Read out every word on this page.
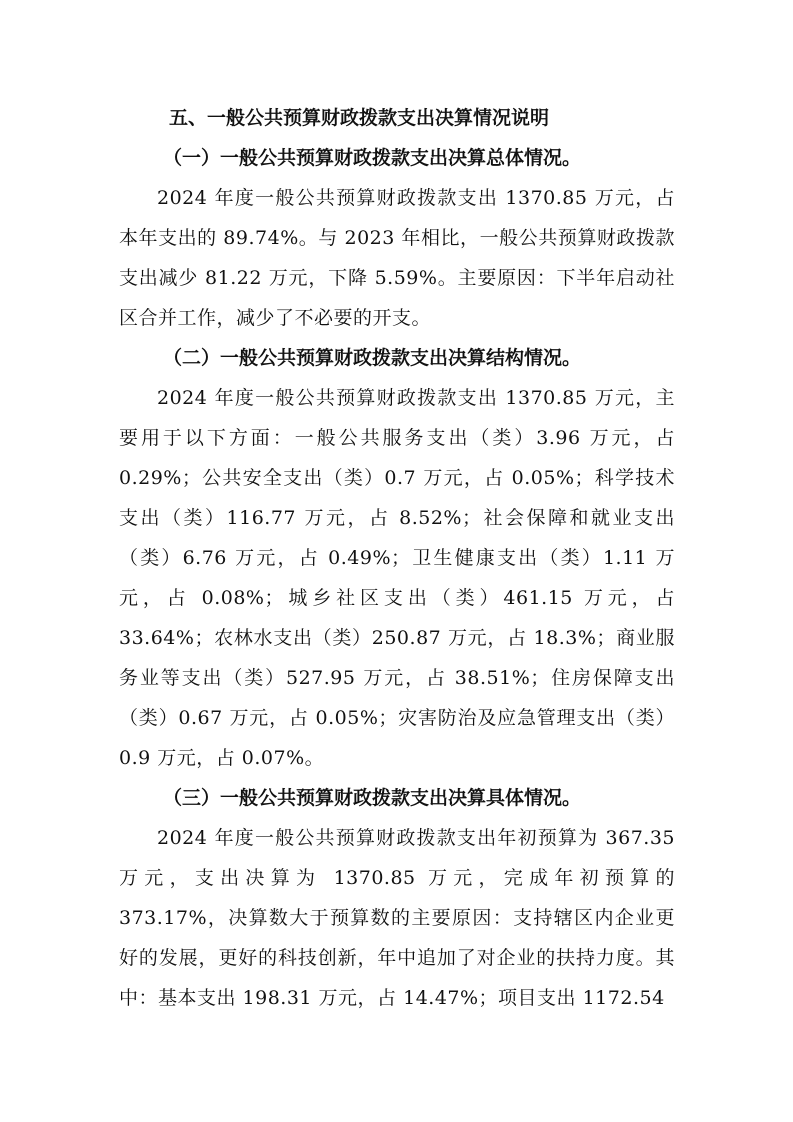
五、一般公共预算财政拨款支出决算情况说明
（一）一般公共预算财政拨款支出决算总体情况。

2024 年度一般公共预算财政拨款支出 1370.85 万元，占本年支出的 89.74%。与 2023 年相比，一般公共预算财政拨款支出减少 81.22 万元，下降 5.59%。主要原因：下半年启动社区合并工作，减少了不必要的开支。

（二）一般公共预算财政拨款支出决算结构情况。

2024 年度一般公共预算财政拨款支出 1370.85 万元，主要用于以下方面：一般公共服务支出（类）3.96 万元，占 0.29%；公共安全支出（类）0.7 万元，占 0.05%；科学技术支出（类）116.77 万元，占 8.52%；社会保障和就业支出（类）6.76 万元，占 0.49%；卫生健康支出（类）1.11 万元，占 0.08%；城乡社区支出（类）461.15 万元，占 33.64%；农林水支出（类）250.87 万元，占 18.3%；商业服务业等支出（类）527.95 万元，占 38.51%；住房保障支出（类）0.67 万元，占 0.05%；灾害防治及应急管理支出（类）0.9 万元，占 0.07%。

（三）一般公共预算财政拨款支出决算具体情况。

2024 年度一般公共预算财政拨款支出年初预算为 367.35 万元，支出决算为 1370.85 万元，完成年初预算的 373.17%，决算数大于预算数的主要原因：支持辖区内企业更好的发展，更好的科技创新，年中追加了对企业的扶持力度。其中：基本支出 198.31 万元，占 14.47%；项目支出 1172.54
